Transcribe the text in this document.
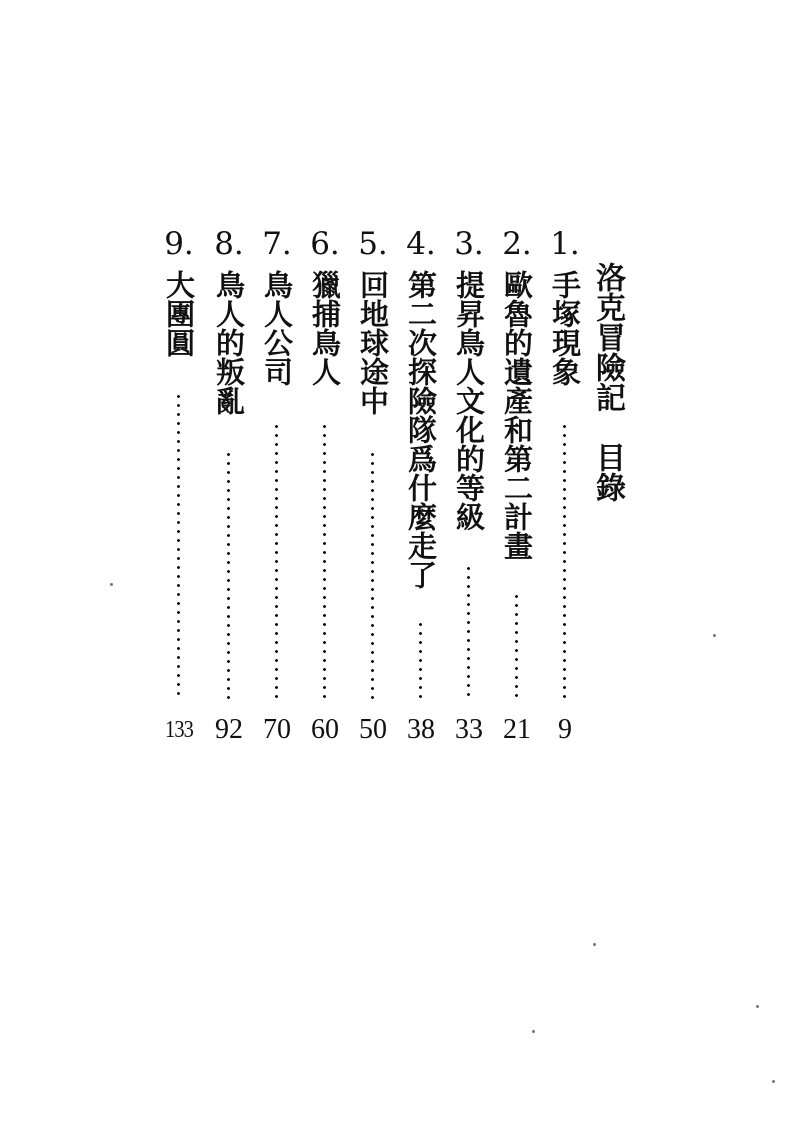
洛克冒險記目錄
1.
手塚現象
9
2.
歐魯的遺產和第二計畫
21
3.
提昇鳥人文化的等級
33
4.
第二次探險隊爲什麼走了
38
5.
回地球途中
50
6.
獵捕鳥人
60
7.
鳥人公司
70
8.
鳥人的叛亂
92
9.
大團圓
133
